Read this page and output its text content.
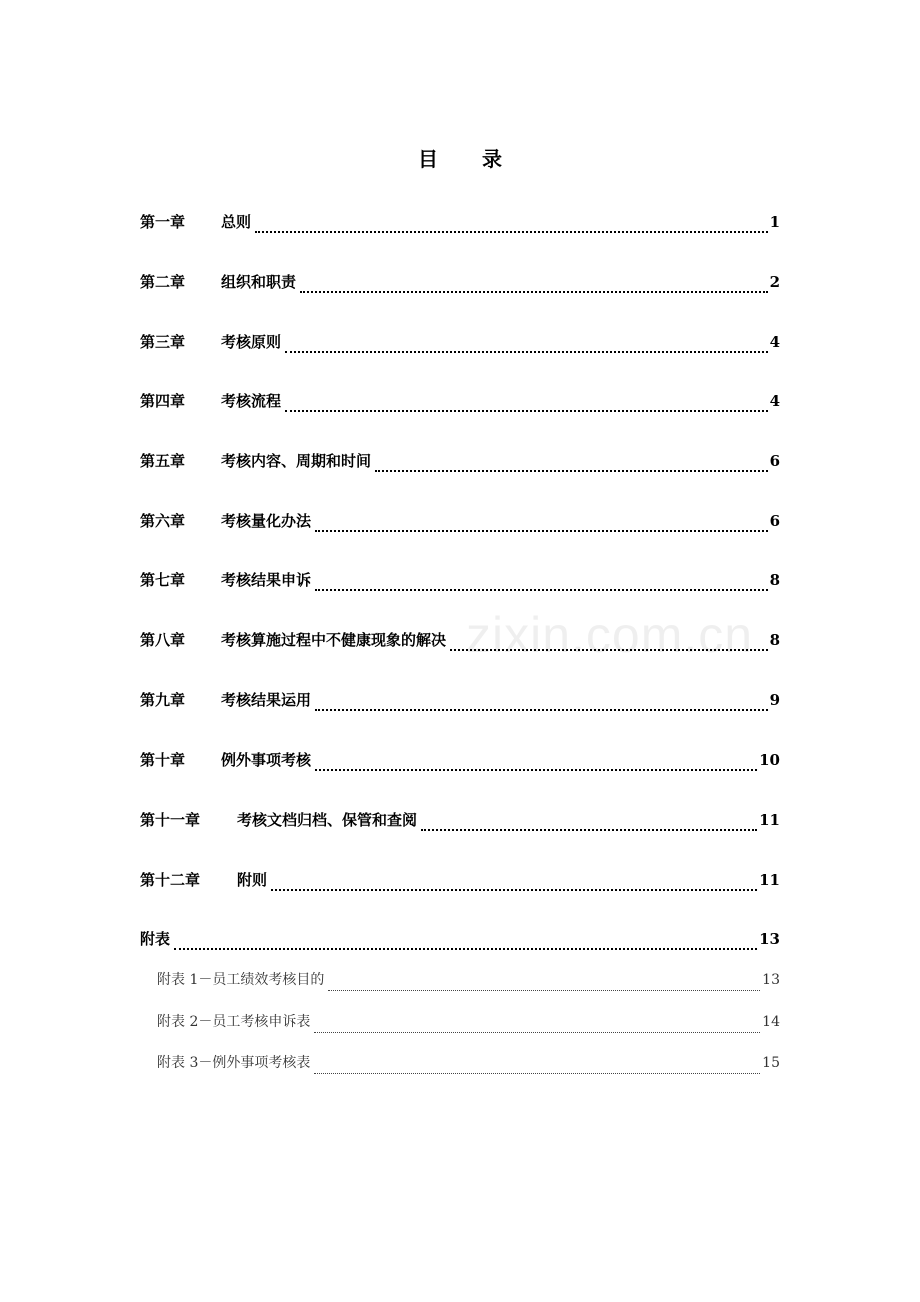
目 录
第一章	总则	1
第二章	组织和职责	2
第三章	考核原则	4
第四章	考核流程	4
第五章	考核内容、周期和时间	6
第六章	考核量化办法	6
第七章	考核结果申诉	8
第八章	考核算施过程中不健康现象的解决	8
第九章	考核结果运用	9
第十章	例外事项考核	10
第十一章	考核文档归档、保管和查阅	11
第十二章	附则	11
附表	13
附表 1－员工绩效考核目的	13
附表 2－员工考核申诉表	14
附表 3－例外事项考核表	15
zixin.com.cn
